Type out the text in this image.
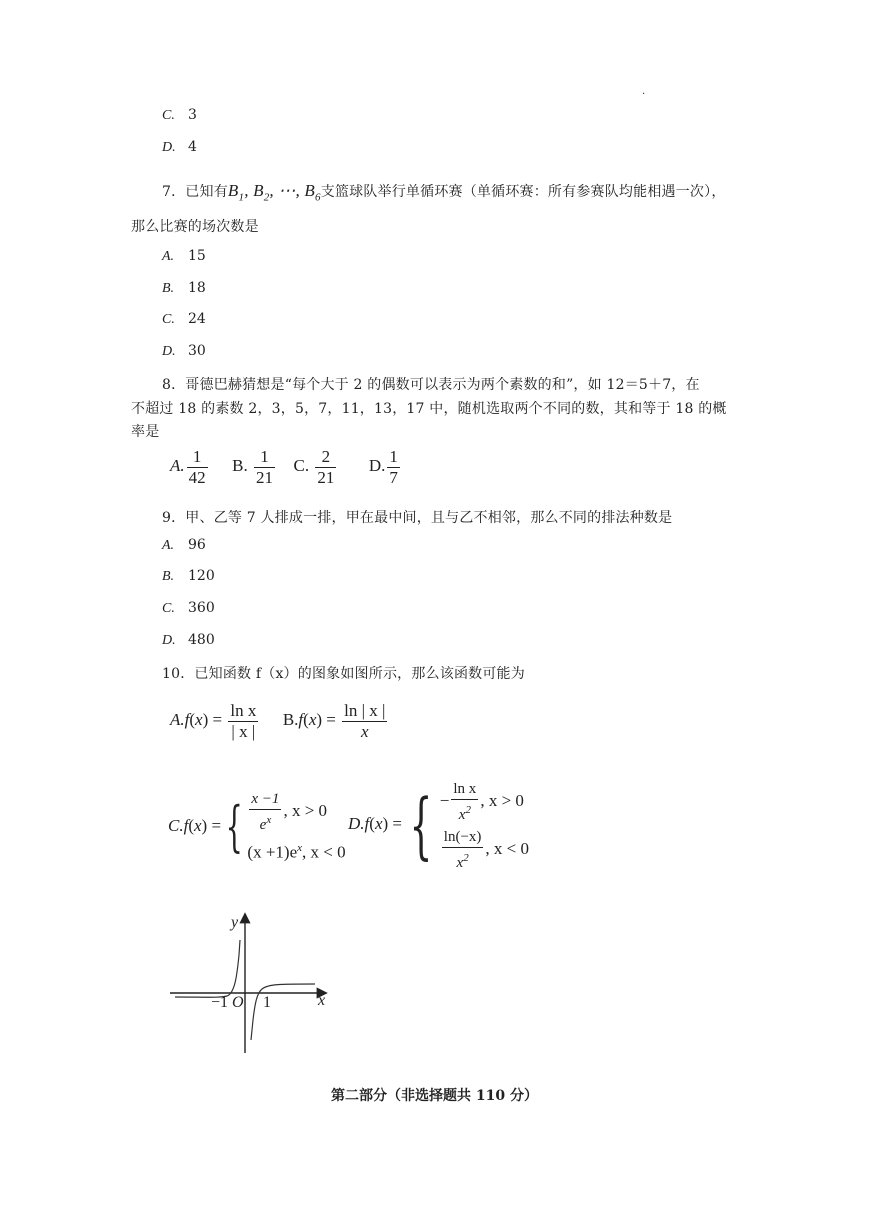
.
C. 3
D. 4
7．已知有$B_1$, $B_2$, ⋯, $B_6$支篮球队举行单循环赛（单循环赛：所有参赛队均能相遇一次），
那么比赛的场次数是
A. 15
B. 18
C. 24
D. 30
8．哥德巴赫猜想是“每个大于 2 的偶数可以表示为两个素数的和”，如 12＝5＋7，在
不超过 18 的素数 2，3，5，7，11，13，17 中，随机选取两个不同的数，其和等于 18 的概
率是
A. $\frac{1}{42} B$. $\frac{1}{21} C$. $\frac{2}{21} D$. $\frac{1}{7}$
9．甲、乙等 7 人排成一排，甲在最中间，且与乙不相邻，那么不同的排法种数是
A. 96
B. 120
C. 360
D. 480
10．已知函数 f（x）的图象如图所示，那么该函数可能为
$A.f(x) = \frac{\text{ln x}}{| x |} B.f(x) = \frac{\ln | x |}{x}$
C.f(x) ={ $\frac{x -1}{e^x}$ , x > 0
$(x +1)e^x$, x < 0
D.f(x) = { − $\frac{\text{ln x}}{x^2}$ , x > 0
$\frac{\ln(-x)}{x^2}$ , x < 0
y
x
O
−1 1
第二部分（非选择题共 110 分）
